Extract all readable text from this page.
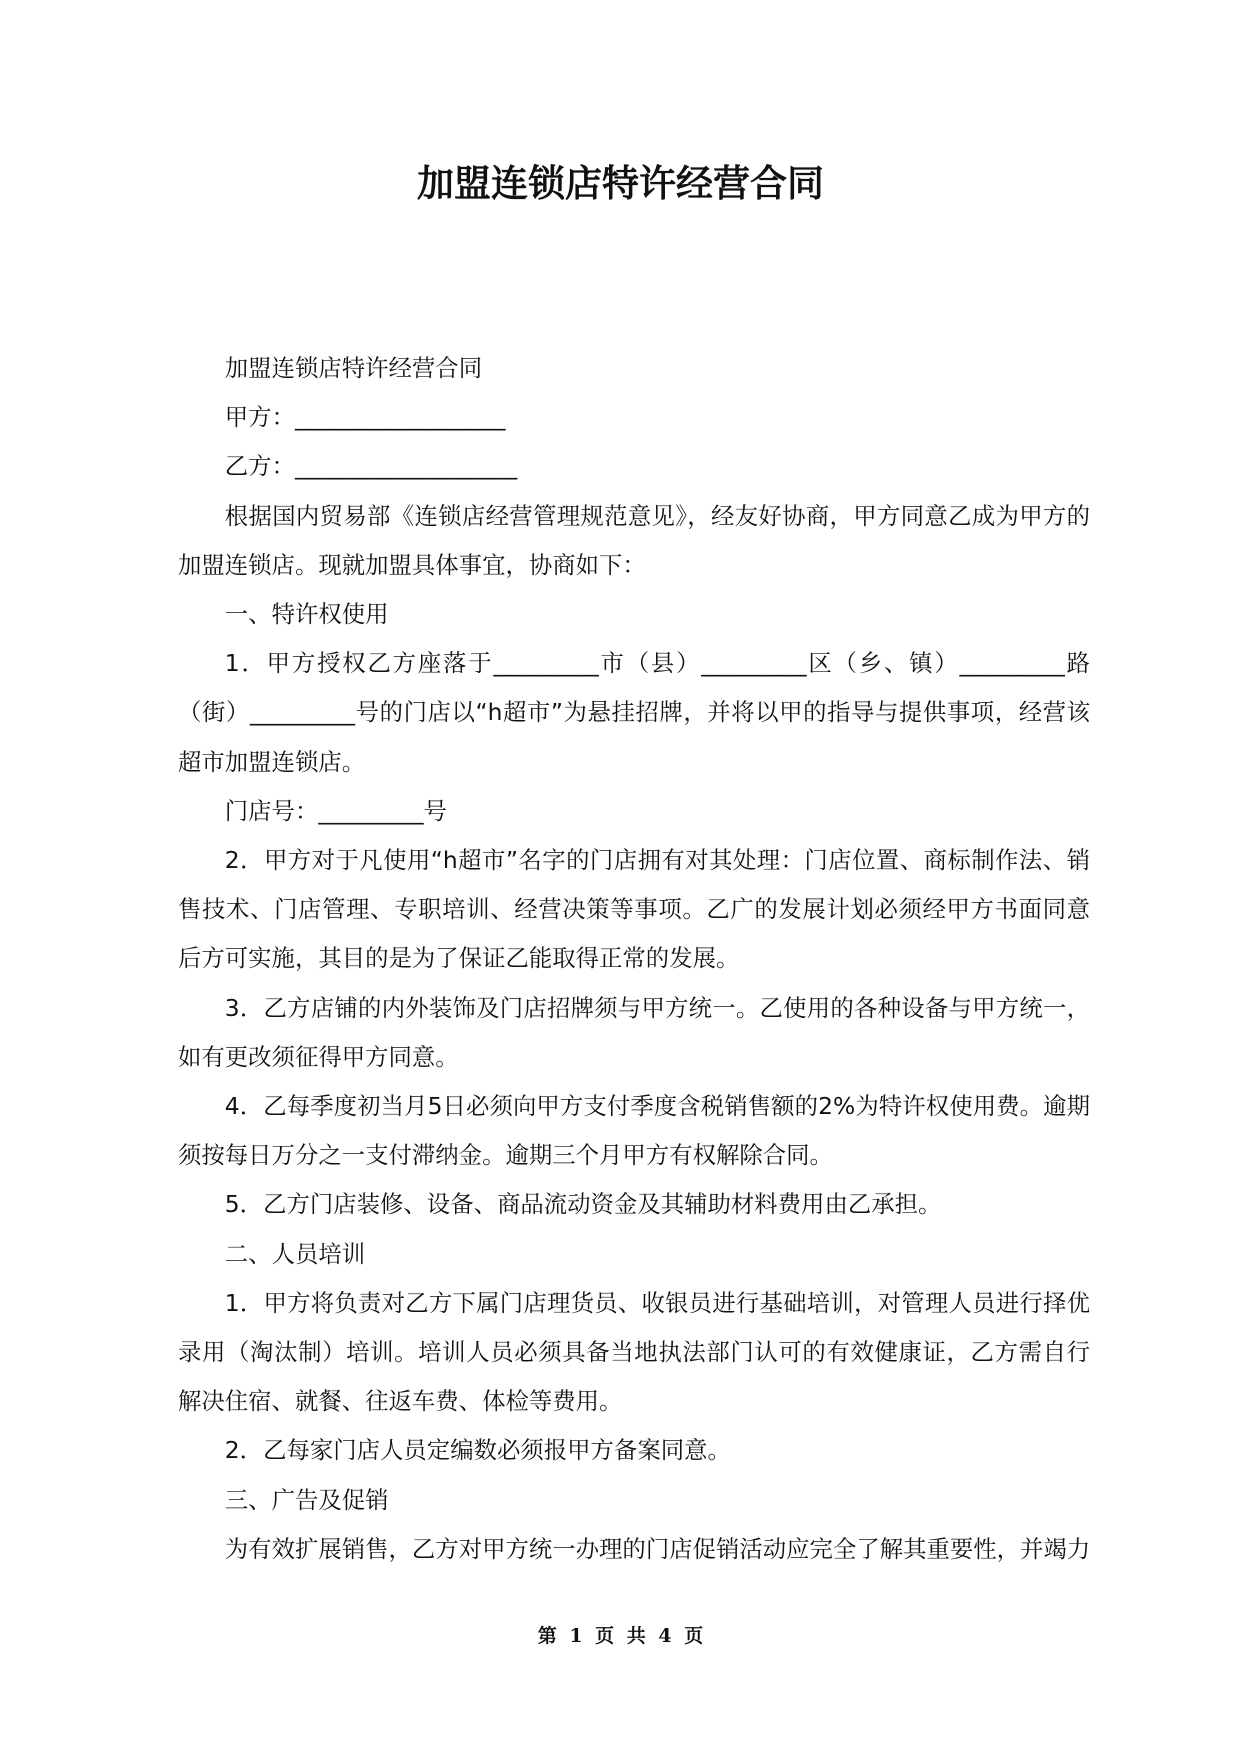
加盟连锁店特许经营合同

加盟连锁店特许经营合同

甲方：__________________

乙方：___________________

根据国内贸易部《连锁店经营管理规范意见》，经友好协商，甲方同意乙成为甲方的加盟连锁店。现就加盟具体事宜，协商如下：

一、特许权使用

1．甲方授权乙方座落于_________市（县）_________区（乡、镇）_________路（街）_________号的门店以“h超市”为悬挂招牌，并将以甲的指导与提供事项，经营该超市加盟连锁店。

门店号：_________号

2．甲方对于凡使用“h超市”名字的门店拥有对其处理：门店位置、商标制作法、销售技术、门店管理、专职培训、经营决策等事项。乙广的发展计划必须经甲方书面同意后方可实施，其目的是为了保证乙能取得正常的发展。

3．乙方店铺的内外装饰及门店招牌须与甲方统一。乙使用的各种设备与甲方统一，如有更改须征得甲方同意。

4．乙每季度初当月5日必须向甲方支付季度含税销售额的2%为特许权使用费。逾期须按每日万分之一支付滞纳金。逾期三个月甲方有权解除合同。

5．乙方门店装修、设备、商品流动资金及其辅助材料费用由乙承担。

二、人员培训

1．甲方将负责对乙方下属门店理货员、收银员进行基础培训，对管理人员进行择优录用（淘汰制）培训。培训人员必须具备当地执法部门认可的有效健康证，乙方需自行解决住宿、就餐、往返车费、体检等费用。

2．乙每家门店人员定编数必须报甲方备案同意。

三、广告及促销

为有效扩展销售，乙方对甲方统一办理的门店促销活动应完全了解其重要性，并竭力

第 1 页 共 4 页
